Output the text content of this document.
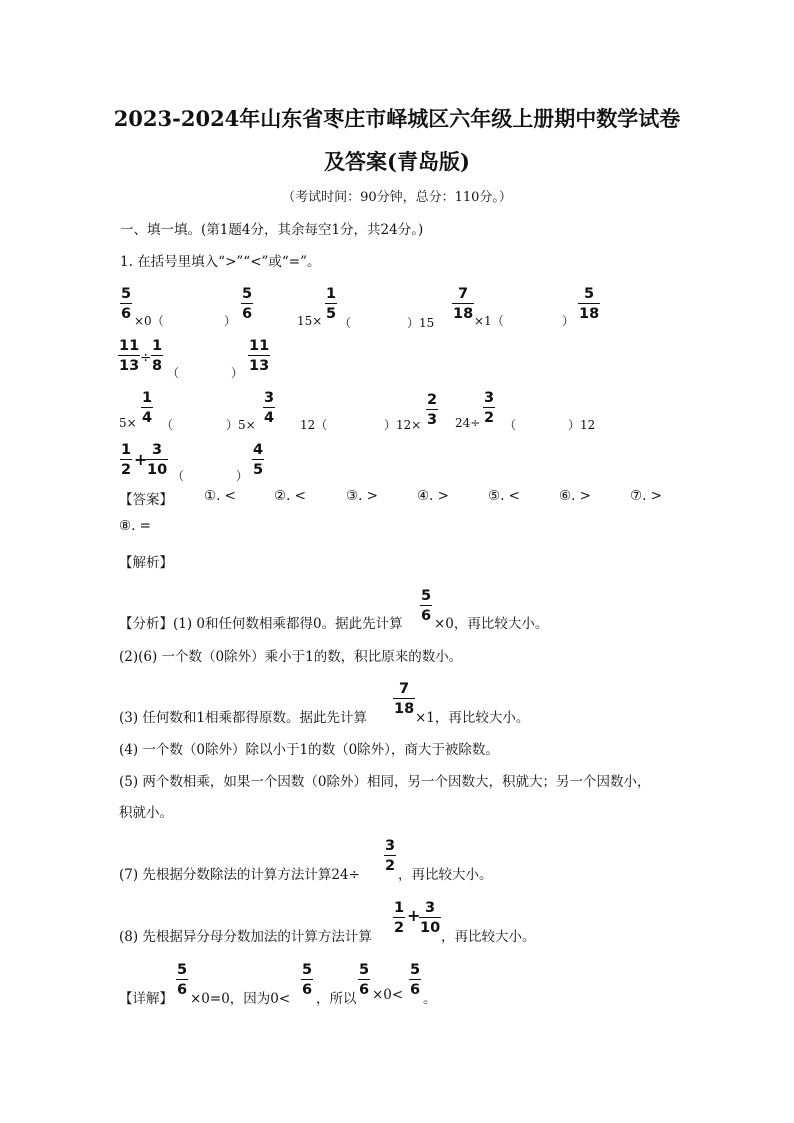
2023-2024年山东省枣庄市峄城区六年级上册期中数学试卷
及答案(青岛版)
（考试时间：90分钟，总分：110分。）
一、填一填。(第1题4分，其余每空1分，共24分。)
1. 在括号里填入“>”“<”或“=”。
5
6 ×0（	）
5
6	15×
1
5
（	）15
7
18 ×1（	）
5
18
11
13 ÷
1
8 （	）
11
13
5×
1
4 （	）5×
3
4 12（	）12×
2
3 24÷
3
2 （	）12
1
2
+ 3
10 （	）
4
5
【答案】 ①. <	②. <	③. >	④. >	⑤. <	⑥. >	⑦. >
⑧. =
【解析】
【分析】(1) 0和任何数相乘都得0。据此先计算
5
6 ×0，再比较大小。
(2)(6) 一个数（0除外）乘小于1的数，积比原来的数小。
(3) 任何数和1相乘都得原数。据此先计算
7
18
×1，再比较大小。
(4) 一个数（0除外）除以小于1的数（0除外），商大于被除数。
(5) 两个数相乘，如果一个因数（0除外）相同，另一个因数大，积就大；另一个因数小，
积就小。
(7) 先根据分数除法的计算方法计算24÷
3
2
，再比较大小。
(8) 先根据异分母分数加法的计算方法计算
1
2
+ 3
10
，再比较大小。
【详解】
5
6
×0=0，因为0<
5
6
，所以
5
6 ×0<
5
6
。
